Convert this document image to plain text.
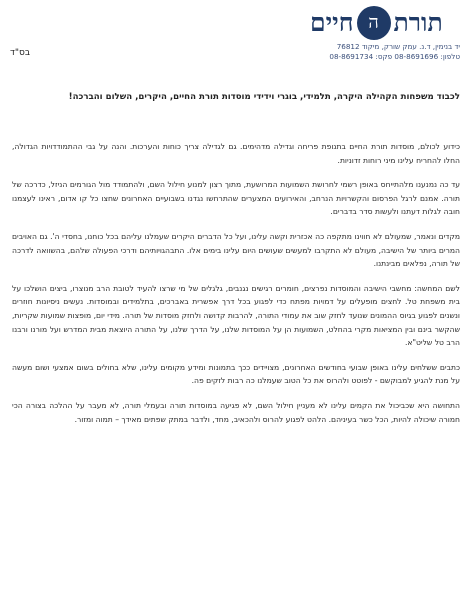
תורת
ה
חיים
יד בנימין, ד.נ. עמק שורק, מיקוד 76812
טלפון: 08-8691696 פקס: 08-8691734
בס"ד
לכבוד משפחות הקהילה היקרה, תלמידי, בוגרי וידידי מוסדות תורת החיים, היקרים, השלום והברכה!

כידוע לכולם, מוסדות תורת החיים בתנופת פריחה וגדילה מדהימים. גם לגדילה צריך כוחות והערכות. והנה על גבי ההתמודדויות הגדולה, החלו להחריח עלינו מיני רוחות זדוניות.

עד כה נמנענו מלהתייחס באופן רשמי לחרושת השמועות המרושעת, מתוך רצון למנוע חילול השם, ולהתמודד מול הגורמים הניזל, כדרכה של תורה. אמנם לרגל הפרסום והקשרויות הנרחב, והאירועים המצערים שהתרחשו נגדנו בשבועיים האחרונים שחצו כל קו אדום, ראינו לעצמנו חובה לגלות דעתנו ולעשות סדר בדברים.

מקדים ונאמר, שמעולם לא חווינו מתקפה כה אכזרית וקשה עלינו, ועל כל הדברים היקרים שעמלנו עליהם בכל כוחנו, בחסדי ה'. גם האויבים המרים ביותר של הישיבה, מעולם לא התקרבו למעשים שעושים היום עלינו בימים אלו. התבהגויותיהם ודרכי הפעולה שלהם, בהשוואה לדרכה של תורה, נפלאים מבינתנו.

לשם המחשה: מחשבי הישיבה והמוסדות נפרצים, חומרים רגישים נגנבים, גלגלים של מי שרצו להעיד לטובת הרב מנוצרו, ביצים הושלכו על בית משפחת טל. לחצים מופעלים על דמויות מפתח כדי לפגוע בכל דרך אפשרית באברכים, בתלמידים ובמוסדות. נעשים ניסיונות חוזרים ונשנים לפגוע בגיוס ההמונים שנועד לחזק שוב את עמודי התורה, להרבות קדושה ולחזק מוסדות של תורה. מידי יום, מופצות שמועות שקריות, שהקשר בינם ובין המציאות מקרי בהחלט, השמועות הן על המוסדות שלנו, על הדרך שלנו, על התורה היוצאת מבית המדרש ועל מורנו ורבנו הרב טל שליט"א.

כתבים ששלחים עלינו באופן שבועי בחודשים האחרונים, מצויידים ככך בתמונות ומידע מקומים עלינו, שלא בחולים בשום אמצעי ושום מעשה על מנת להגיע למבוקשם - לפוטט ולהרוס את כל הטוב שעמלנו כה רבות לזקים פה.

התחושה היא שכביכול את הקמים עלינו לא מעניין חילול השם, לא פגיעה במוסדות תורה ובעמלי תורה, לא מעבר על ההלכה בצורה הכי חמורה שיכולה להיות, הכל כשר בעיניהם. הלהט לפגוע להרוס ולהכאיב, מחד, ולדבר במתק שפתים מאידך – תמוה ומזור.
